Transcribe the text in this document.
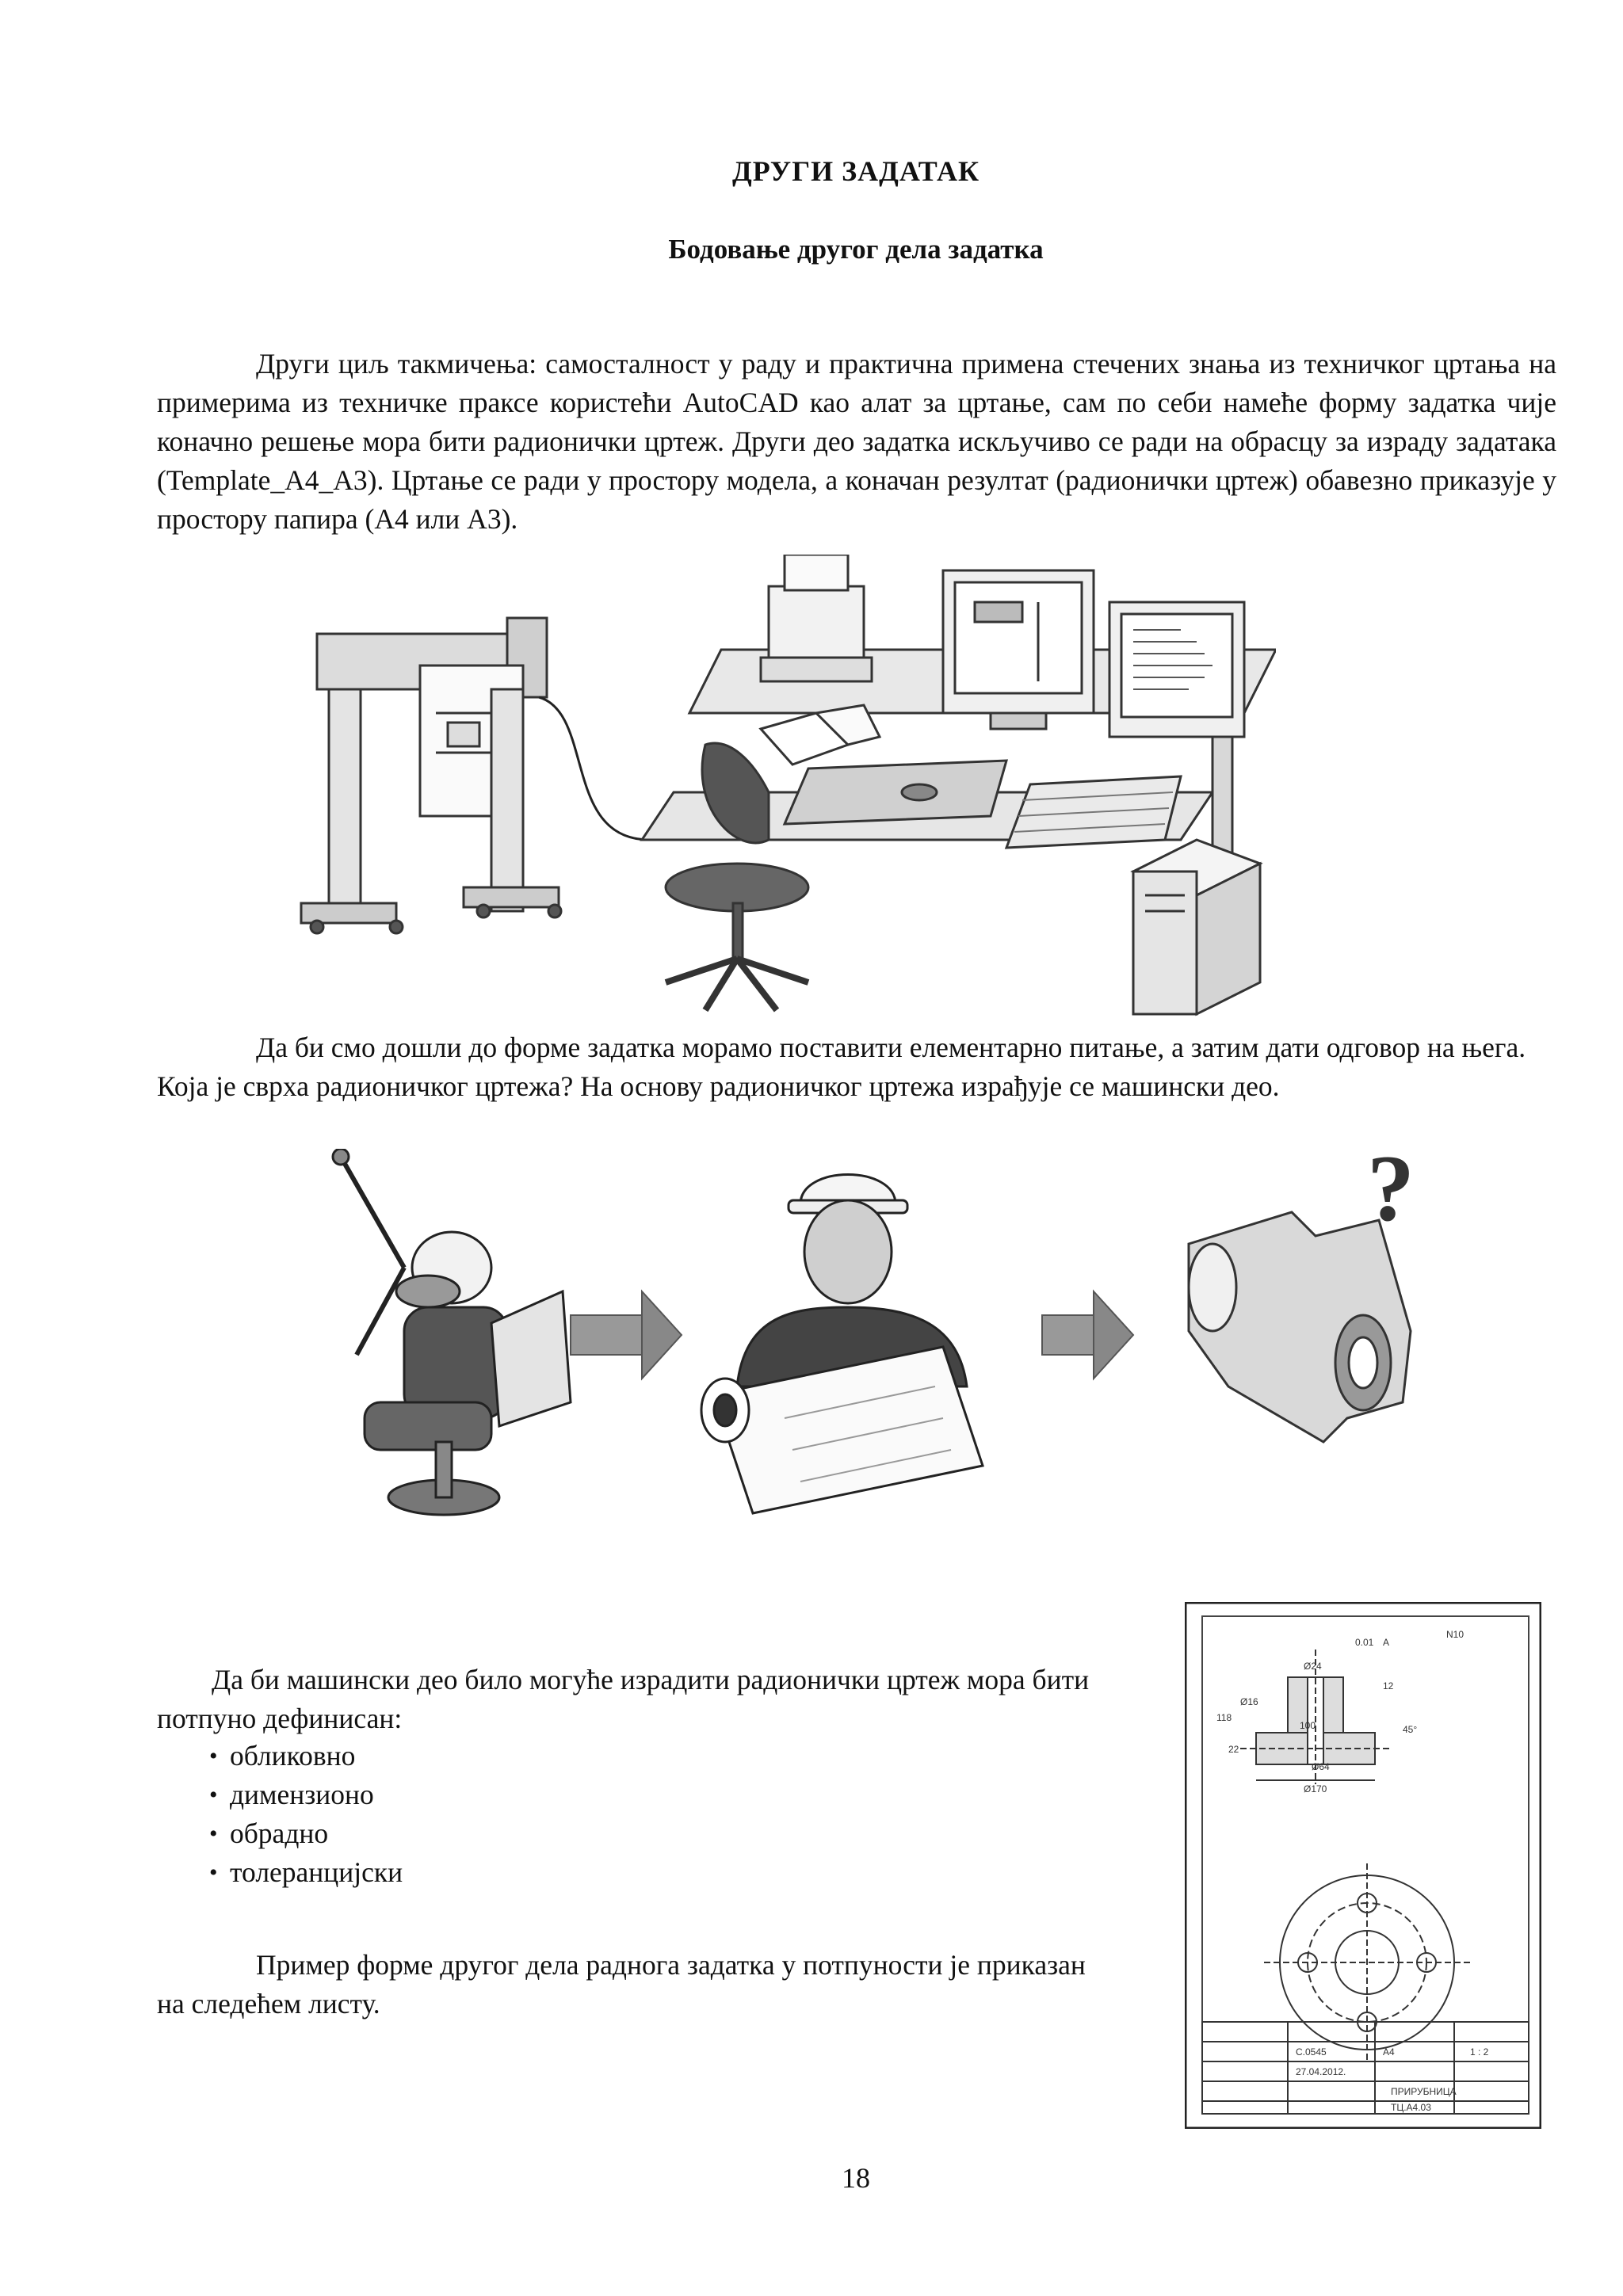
ДРУГИ ЗАДАТАК
Бодовање другог дела задатка
Други циљ такмичења: самосталност у раду и практична примена стечених знања из техничког цртања на примерима из техничке праксе користећи AutoCAD као алат за цртање, сам по себи намеће форму задатка чије коначно решење мора бити радионички цртеж. Други део задатка искључиво се ради на обрасцу за израду задатака (Template_A4_A3). Цртање се ради у простору модела, а коначан резултат (радионички цртеж) обавезно приказује у простору папира (А4 или А3).
Да би смо дошли до форме задатка морамо поставити елементарно питање, а затим дати одговор на њега. Која је сврха радионичког цртежа? На основу радионичког цртежа израђује се машински део.
?
Да би машински део било могуће израдити радионички цртеж мора бити потпуно дефинисан:
• обликовно
• димензионо
• обрадно
• толеранцијски
Пример форме другог дела раднога задатка у потпуности је приказан на следећем листу.
Ø24
100
Ø170
Ø64
118
22
Ø16
12
45°
0.01 A
N10
C.0545	A4	1 : 2
27.04.2012.
ПРИРУБНИЦА
ТЦ.А4.03
18
